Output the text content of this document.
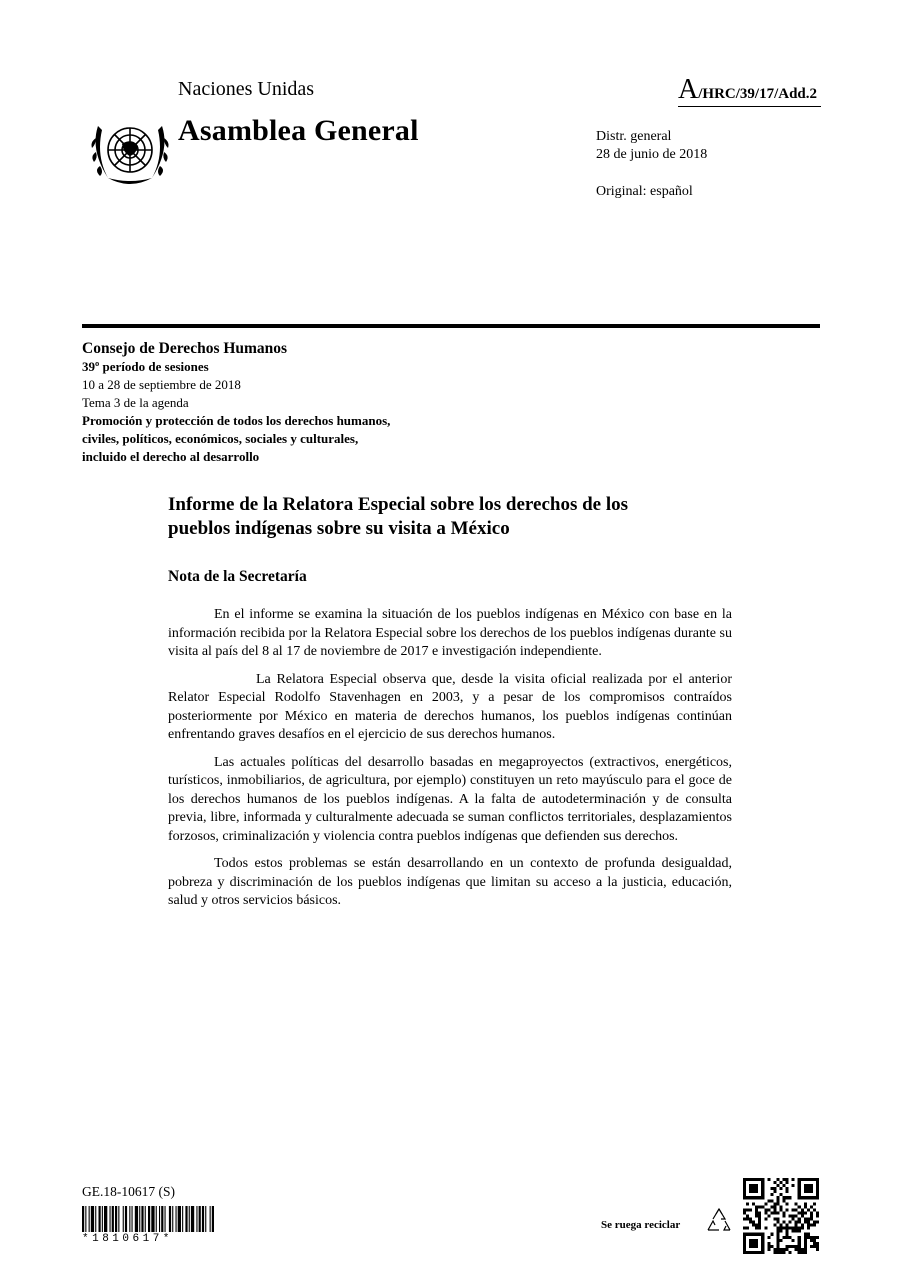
Naciones Unidas	A/HRC/39/17/Add.2
Asamblea General	Distr. general
28 de junio de 2018
Original: español
Consejo de Derechos Humanos
39º período de sesiones
10 a 28 de septiembre de 2018
Tema 3 de la agenda
Promoción y protección de todos los derechos humanos,
civiles, políticos, económicos, sociales y culturales,
incluido el derecho al desarrollo
Informe de la Relatora Especial sobre los derechos de los
pueblos indígenas sobre su visita a México
Nota de la Secretaría

En el informe se examina la situación de los pueblos indígenas en México con base en la información recibida por la Relatora Especial sobre los derechos de los pueblos indígenas durante su visita al país del 8 al 17 de noviembre de 2017 e investigación independiente.

La Relatora Especial observa que, desde la visita oficial realizada por el anterior Relator Especial Rodolfo Stavenhagen en 2003, y a pesar de los compromisos contraídos posteriormente por México en materia de derechos humanos, los pueblos indígenas continúan enfrentando graves desafíos en el ejercicio de sus derechos humanos.

Las actuales políticas del desarrollo basadas en megaproyectos (extractivos, energéticos, turísticos, inmobiliarios, de agricultura, por ejemplo) constituyen un reto mayúsculo para el goce de los derechos humanos de los pueblos indígenas. A la falta de autodeterminación y de consulta previa, libre, informada y culturalmente adecuada se suman conflictos territoriales, desplazamientos forzosos, criminalización y violencia contra pueblos indígenas que defienden sus derechos.

Todos estos problemas se están desarrollando en un contexto de profunda desigualdad, pobreza y discriminación de los pueblos indígenas que limitan su acceso a la justicia, educación, salud y otros servicios básicos.

GE.18-10617 (S)
*1810617*
Se ruega reciclar
